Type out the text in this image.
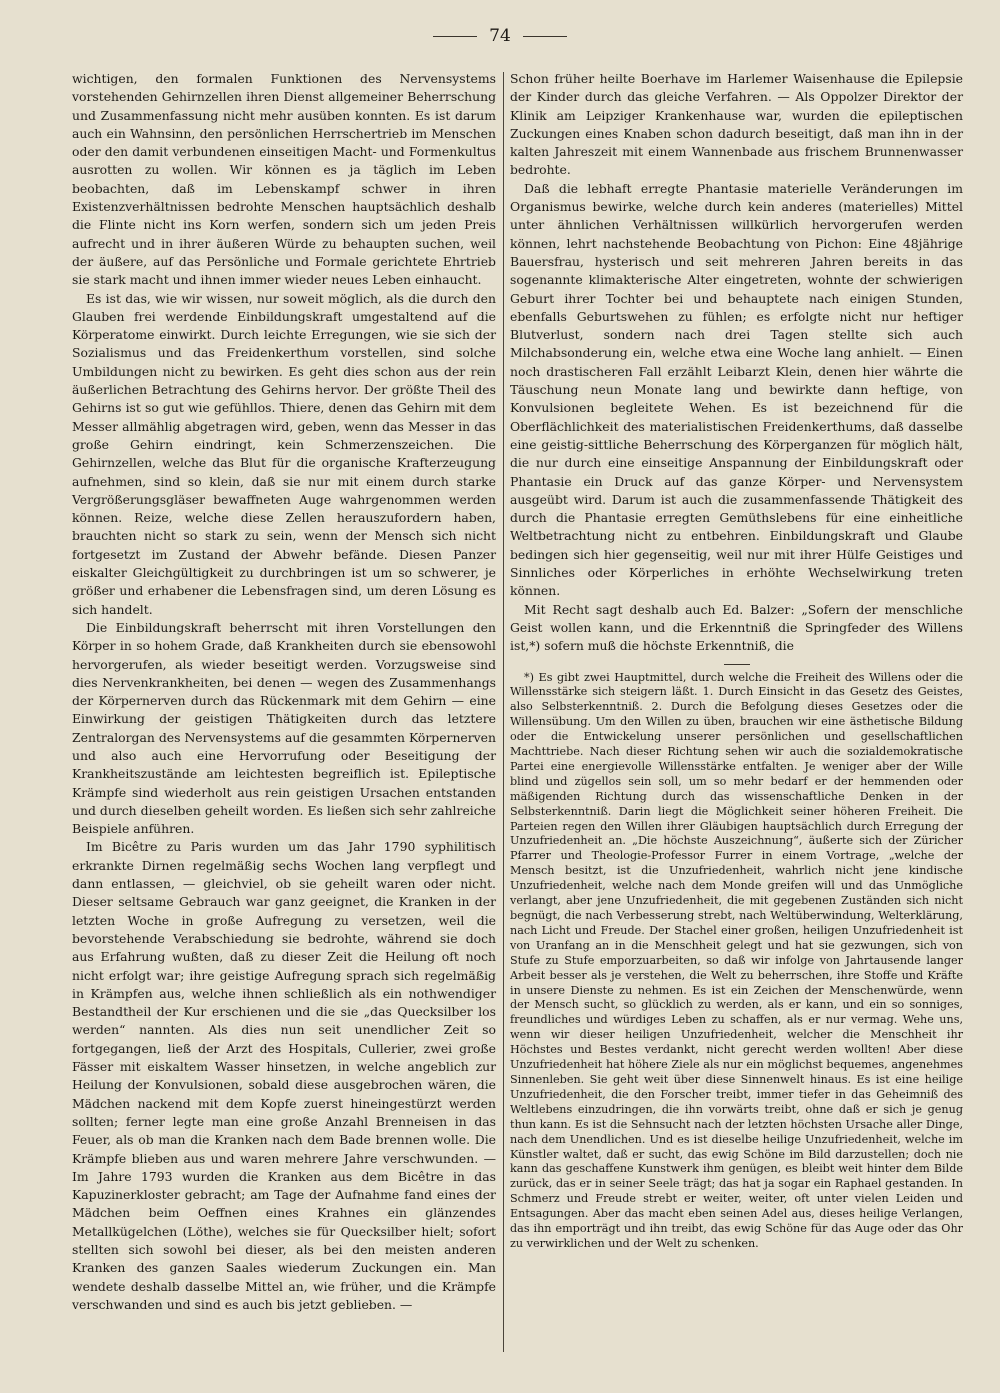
74

wichtigen, den formalen Funktionen des Nervensystems vorstehenden Gehirnzellen ihren Dienst allgemeiner Beherrschung und Zusammenfassung nicht mehr ausüben konnten. Es ist darum auch ein Wahnsinn, den persönlichen Herrschertrieb im Menschen oder den damit verbundenen einseitigen Macht- und Formenkultus ausrotten zu wollen. Wir können es ja täglich im Leben beobachten, daß im Lebenskampf schwer in ihren Existenzverhältnissen bedrohte Menschen hauptsächlich deshalb die Flinte nicht ins Korn werfen, sondern sich um jeden Preis aufrecht und in ihrer äußeren Würde zu behaupten suchen, weil der äußere, auf das Persönliche und Formale gerichtete Ehrtrieb sie stark macht und ihnen immer wieder neues Leben einhaucht.

Es ist das, wie wir wissen, nur soweit möglich, als die durch den Glauben frei werdende Einbildungskraft umgestaltend auf die Körperatome einwirkt. Durch leichte Erregungen, wie sie sich der Sozialismus und das Freidenkerthum vorstellen, sind solche Umbildungen nicht zu bewirken. Es geht dies schon aus der rein äußerlichen Betrachtung des Gehirns hervor. Der größte Theil des Gehirns ist so gut wie gefühllos. Thiere, denen das Gehirn mit dem Messer allmählig abgetragen wird, geben, wenn das Messer in das große Gehirn eindringt, kein Schmerzenszeichen. Die Gehirnzellen, welche das Blut für die organische Krafterzeugung aufnehmen, sind so klein, daß sie nur mit einem durch starke Vergrößerungsgläser bewaffneten Auge wahrgenommen werden können. Reize, welche diese Zellen herauszufordern haben, brauchten nicht so stark zu sein, wenn der Mensch sich nicht fortgesetzt im Zustand der Abwehr befände. Diesen Panzer eiskalter Gleichgültigkeit zu durchbringen ist um so schwerer, je größer und erhabener die Lebensfragen sind, um deren Lösung es sich handelt.

Die Einbildungskraft beherrscht mit ihren Vorstellungen den Körper in so hohem Grade, daß Krankheiten durch sie ebensowohl hervorgerufen, als wieder beseitigt werden. Vorzugsweise sind dies Nervenkrankheiten, bei denen — wegen des Zusammenhangs der Körpernerven durch das Rückenmark mit dem Gehirn — eine Einwirkung der geistigen Thätigkeiten durch das letztere Zentralorgan des Nervensystems auf die gesammten Körpernerven und also auch eine Hervorrufung oder Beseitigung der Krankheitszustände am leichtesten begreiflich ist. Epileptische Krämpfe sind wiederholt aus rein geistigen Ursachen entstanden und durch dieselben geheilt worden. Es ließen sich sehr zahlreiche Beispiele anführen.

Im Bicêtre zu Paris wurden um das Jahr 1790 syphilitisch erkrankte Dirnen regelmäßig sechs Wochen lang verpflegt und dann entlassen, — gleichviel, ob sie geheilt waren oder nicht. Dieser seltsame Gebrauch war ganz geeignet, die Kranken in der letzten Woche in große Aufregung zu versetzen, weil die bevorstehende Verabschiedung sie bedrohte, während sie doch aus Erfahrung wußten, daß zu dieser Zeit die Heilung oft noch nicht erfolgt war; ihre geistige Aufregung sprach sich regelmäßig in Krämpfen aus, welche ihnen schließlich als ein nothwendiger Bestandtheil der Kur erschienen und die sie „das Quecksilber los werden“ nannten. Als dies nun seit unendlicher Zeit so fortgegangen, ließ der Arzt des Hospitals, Cullerier, zwei große Fässer mit eiskaltem Wasser hinsetzen, in welche angeblich zur Heilung der Konvulsionen, sobald diese ausgebrochen wären, die Mädchen nackend mit dem Kopfe zuerst hineingestürzt werden sollten; ferner legte man eine große Anzahl Brenneisen in das Feuer, als ob man die Kranken nach dem Bade brennen wolle. Die Krämpfe blieben aus und waren mehrere Jahre verschwunden. — Im Jahre 1793 wurden die Kranken aus dem Bicêtre in das Kapuzinerkloster gebracht; am Tage der Aufnahme fand eines der Mädchen beim Oeffnen eines Krahnes ein glänzendes Metallkügelchen (Löthe), welches sie für Quecksilber hielt; sofort stellten sich sowohl bei dieser, als bei den meisten anderen Kranken des ganzen Saales wiederum Zuckungen ein. Man wendete deshalb dasselbe Mittel an, wie früher, und die Krämpfe verschwanden und sind es auch bis jetzt geblieben. —

Schon früher heilte Boerhave im Harlemer Waisenhause die Epilepsie der Kinder durch das gleiche Verfahren. — Als Oppolzer Direktor der Klinik am Leipziger Krankenhause war, wurden die epileptischen Zuckungen eines Knaben schon dadurch beseitigt, daß man ihn in der kalten Jahreszeit mit einem Wannenbade aus frischem Brunnenwasser bedrohte.

Daß die lebhaft erregte Phantasie materielle Veränderungen im Organismus bewirke, welche durch kein anderes (materielles) Mittel unter ähnlichen Verhältnissen willkürlich hervorgerufen werden können, lehrt nachstehende Beobachtung von Pichon: Eine 48jährige Bauersfrau, hysterisch und seit mehreren Jahren bereits in das sogenannte klimakterische Alter eingetreten, wohnte der schwierigen Geburt ihrer Tochter bei und behauptete nach einigen Stunden, ebenfalls Geburtswehen zu fühlen; es erfolgte nicht nur heftiger Blutverlust, sondern nach drei Tagen stellte sich auch Milchabsonderung ein, welche etwa eine Woche lang anhielt. — Einen noch drastischeren Fall erzählt Leibarzt Klein, denen hier währte die Täuschung neun Monate lang und bewirkte dann heftige, von Konvulsionen begleitete Wehen. Es ist bezeichnend für die Oberflächlichkeit des materialistischen Freidenkerthums, daß dasselbe eine geistig-sittliche Beherrschung des Körperganzen für möglich hält, die nur durch eine einseitige Anspannung der Einbildungskraft oder Phantasie ein Druck auf das ganze Körper- und Nervensystem ausgeübt wird. Darum ist auch die zusammenfassende Thätigkeit des durch die Phantasie erregten Gemüthslebens für eine einheitliche Weltbetrachtung nicht zu entbehren. Einbildungskraft und Glaube bedingen sich hier gegenseitig, weil nur mit ihrer Hülfe Geistiges und Sinnliches oder Körperliches in erhöhte Wechselwirkung treten können.

Mit Recht sagt deshalb auch Ed. Balzer: „Sofern der menschliche Geist wollen kann, und die Erkenntniß die Springfeder des Willens ist,*) sofern muß die höchste Erkenntniß, die

*) Es gibt zwei Hauptmittel, durch welche die Freiheit des Willens oder die Willensstärke sich steigern läßt. 1. Durch Einsicht in das Gesetz des Geistes, also Selbsterkenntniß. 2. Durch die Befolgung dieses Gesetzes oder die Willensübung. Um den Willen zu üben, brauchen wir eine ästhetische Bildung oder die Entwickelung unserer persönlichen und gesellschaftlichen Machttriebe. Nach dieser Richtung sehen wir auch die sozialdemokratische Partei eine energievolle Willensstärke entfalten. Je weniger aber der Wille blind und zügellos sein soll, um so mehr bedarf er der hemmenden oder mäßigenden Richtung durch das wissenschaftliche Denken in der Selbsterkenntniß. Darin liegt die Möglichkeit seiner höheren Freiheit. Die Parteien regen den Willen ihrer Gläubigen hauptsächlich durch Erregung der Unzufriedenheit an. „Die höchste Auszeichnung“, äußerte sich der Züricher Pfarrer und Theologie-Professor Furrer in einem Vortrage, „welche der Mensch besitzt, ist die Unzufriedenheit, wahrlich nicht jene kindische Unzufriedenheit, welche nach dem Monde greifen will und das Unmögliche verlangt, aber jene Unzufriedenheit, die mit gegebenen Zuständen sich nicht begnügt, die nach Verbesserung strebt, nach Weltüberwindung, Welterklärung, nach Licht und Freude. Der Stachel einer großen, heiligen Unzufriedenheit ist von Uranfang an in die Menschheit gelegt und hat sie gezwungen, sich von Stufe zu Stufe emporzuarbeiten, so daß wir infolge von Jahrtausende langer Arbeit besser als je verstehen, die Welt zu beherrschen, ihre Stoffe und Kräfte in unsere Dienste zu nehmen. Es ist ein Zeichen der Menschenwürde, wenn der Mensch sucht, so glücklich zu werden, als er kann, und ein so sonniges, freundliches und würdiges Leben zu schaffen, als er nur vermag. Wehe uns, wenn wir dieser heiligen Unzufriedenheit, welcher die Menschheit ihr Höchstes und Bestes verdankt, nicht gerecht werden wollten! Aber diese Unzufriedenheit hat höhere Ziele als nur ein möglichst bequemes, angenehmes Sinnenleben. Sie geht weit über diese Sinnenwelt hinaus. Es ist eine heilige Unzufriedenheit, die den Forscher treibt, immer tiefer in das Geheimniß des Weltlebens einzudringen, die ihn vorwärts treibt, ohne daß er sich je genug thun kann. Es ist die Sehnsucht nach der letzten höchsten Ursache aller Dinge, nach dem Unendlichen. Und es ist dieselbe heilige Unzufriedenheit, welche im Künstler waltet, daß er sucht, das ewig Schöne im Bild darzustellen; doch nie kann das geschaffene Kunstwerk ihm genügen, es bleibt weit hinter dem Bilde zurück, das er in seiner Seele trägt; das hat ja sogar ein Raphael gestanden. In Schmerz und Freude strebt er weiter, weiter, oft unter vielen Leiden und Entsagungen. Aber das macht eben seinen Adel aus, dieses heilige Verlangen, das ihn emporträgt und ihn treibt, das ewig Schöne für das Auge oder das Ohr zu verwirklichen und der Welt zu schenken.
